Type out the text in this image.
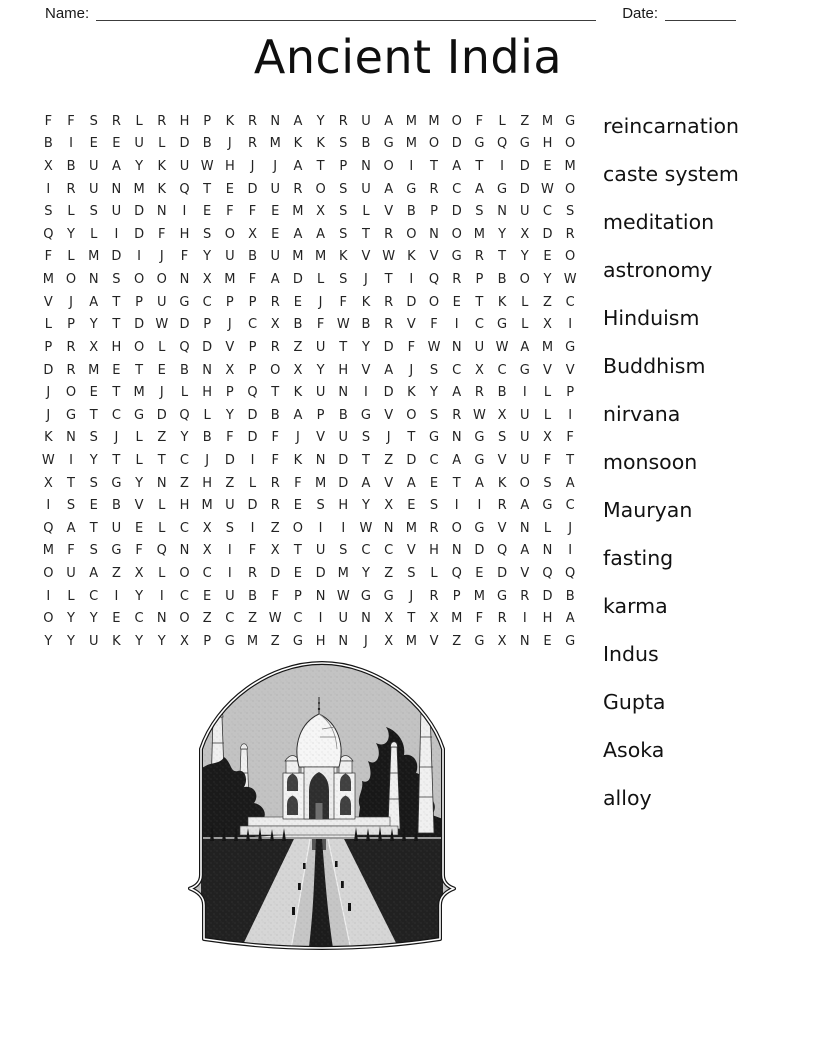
Name:	Date:
Ancient India
F	F	S	R	L	R	H	P	K	R	N	A	Y	R	U	A M M O	F	L	Z M G
B	I	E	E	U	L	D	B	J	R M K	K	S	B	G M O D G Q G H O
X	B	U	A	Y	K	U W H	J	J	A	T	P	N O	I	T	A	T	I	D	E M
I	R	U	N M K	Q	T	E	D U	R	O	S	U	A	G	R	C	A	G D W O
S	L	S	U D N	I	E	F	F	E M X	S	L	V	B	P	D	S	N	U	C	S
Q	Y	L	I	D	F	H	S	O	X	E	A	A	S	T	R	O N O M	Y	X	D	R
F	L	M D	I	J	F	Y	U	B	U M M K	V W K	V	G	R	T	Y	E	O
M O N	S	O O N	X M	F	A	D	L	S	J	T	I	Q	R	P	B	O	Y W
V	J	A	T	P	U G	C	P	P	R	E	J	F	K	R	D O	E	T	K	L	Z	C
L	P	Y	T	D W D	P	J	C	X	B	F W B	R	V	F	I	C	G	L	X	I
P	R	X	H O	L	Q D	V	P	R	Z	U	T	Y	D	F W N	U W A M G
D	R M E	T	E	B	N	X	P	O	X	Y	H	V	A	J	S	C	X	C	G	V	V
J	O	E	T	M	J	L	H	P	Q	T	K	U	N	I	D	K	Y	A	R	B	I	L	P
J	G	T	C	G D Q	L	Y	D	B	A	P	B	G	V	O	S	R W X	U	L	I
K	N	S	J	L	Z	Y	B	F	D	F	J	V	U	S	J	T	G N G	S	U	X	F
W	I	Y	T	L	T	C	J	D	I	F	K	N D	T	Z	D	C	A	G	V	U	F	T
X	T	S	G	Y	N	Z	H	Z	L	R	F	M D	A	V	A	E	T	A	K	O	S	A
I	S	E	B	V	L	H M U D	R	E	S	H	Y	X	E	S	I	I	R	A	G	C
Q	A	T	U	E	L	C	X	S	I	Z	O	I	I	W N M R	O G	V	N	L	J
M	F	S	G	F	Q N	X	I	F	X	T	U	S	C	C	V	H N D Q	A	N	I
O U	A	Z	X	L	O	C	I	R	D	E	D M	Y	Z	S	L	Q	E	D	V	Q Q
I	L	C	I	Y	I	C	E	U	B	F	P	N W G G	J	R	P	M G	R	D	B
O	Y	Y	E	C	N O	Z	C	Z W C	I	U	N	X	T	X M	F	R	I	H	A
Y	Y	U	K	Y	Y	X	P	G M Z	G H N	J	X M V	Z	G	X	N	E	G
reincarnation
caste system
meditation
astronomy
Hinduism
Buddhism
nirvana
monsoon
Mauryan
fasting
karma
Indus
Gupta
Asoka
alloy
